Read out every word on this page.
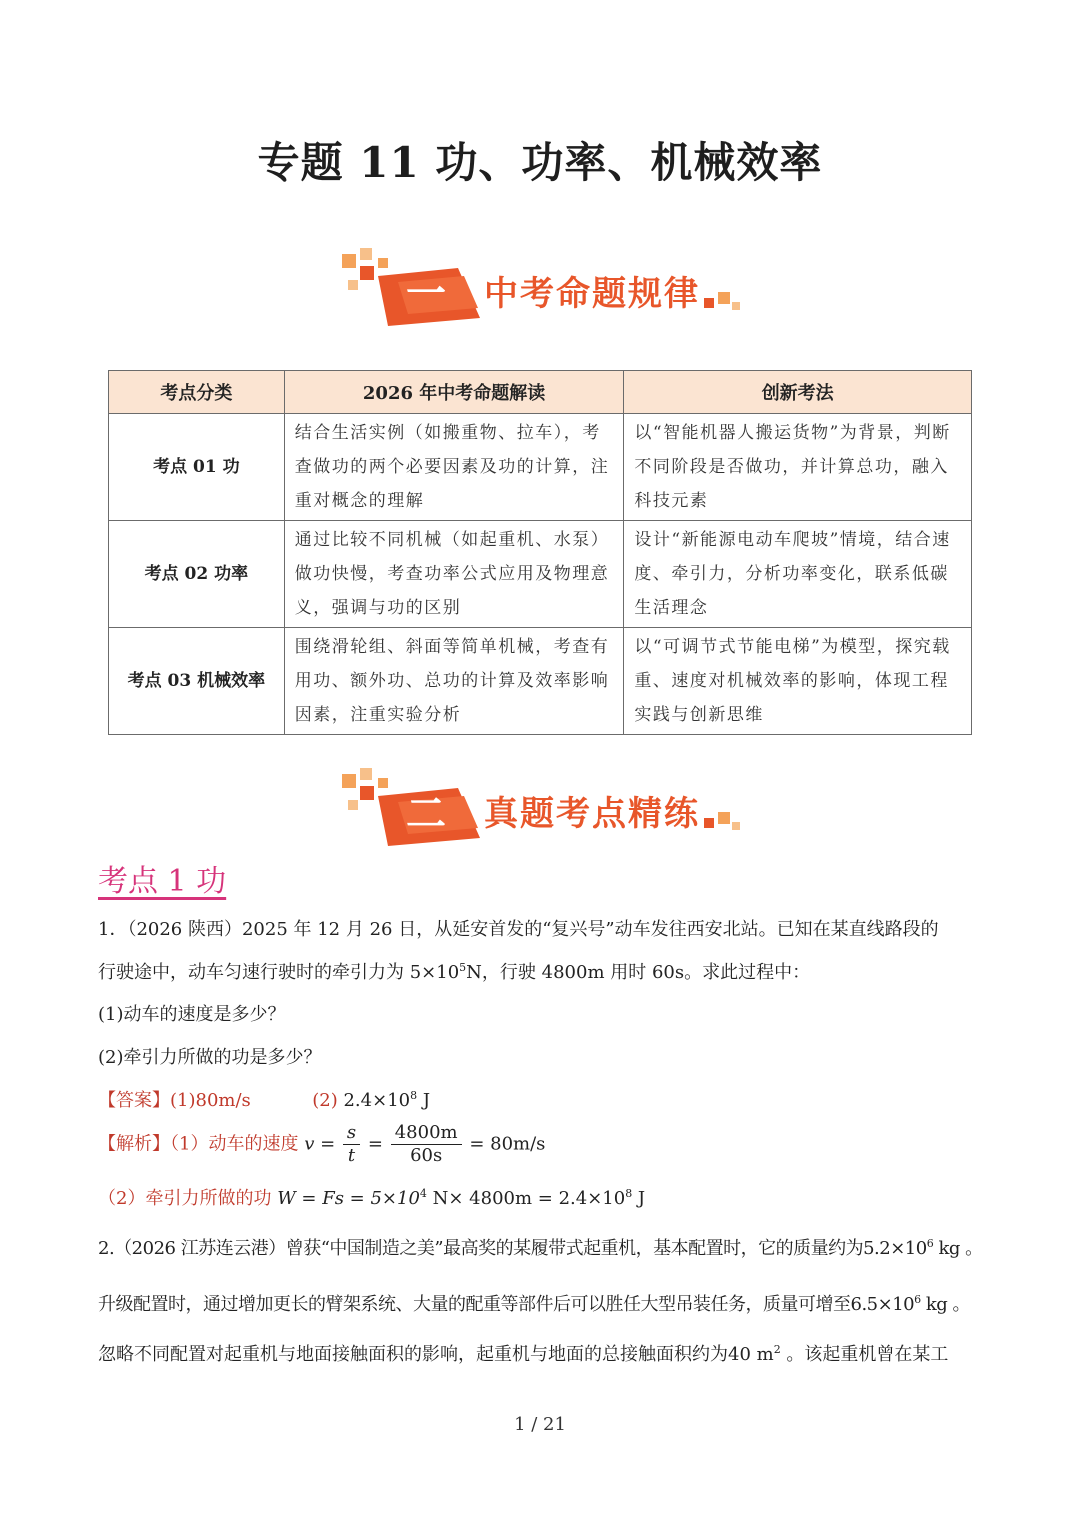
专题 11 功、功率、机械效率
一 中考命题规律
考点分类	2026 年中考命题解读	创新考法
考点 01 功	结合生活实例（如搬重物、拉车），考查做功的两个必要因素及功的计算，注重对概念的理解	以“智能机器人搬运货物”为背景，判断不同阶段是否做功，并计算总功，融入科技元素
考点 02 功率	通过比较不同机械（如起重机、水泵）做功快慢，考查功率公式应用及物理意义，强调与功的区别	设计“新能源电动车爬坡”情境，结合速度、牵引力，分析功率变化，联系低碳生活理念
考点 03 机械效率	围绕滑轮组、斜面等简单机械，考查有用功、额外功、总功的计算及效率影响因素，注重实验分析	以“可调节式节能电梯”为模型，探究载重、速度对机械效率的影响，体现工程实践与创新思维
二 真题考点精练
考点 1 功
1．（2026 陕西）2025 年 12 月 26 日，从延安首发的“复兴号”动车发往西安北站。已知在某直线路段的
行驶途中，动车匀速行驶时的牵引力为 $5\times 10^5N$，行驶 4800m 用时 60s。求此过程中：
(1)动车的速度是多少？
(2)牵引力所做的功是多少？
【答案】(1)80m/s	(2) $2.4\times 10^8$ J
【解析】（1）动车的速度 $v = \frac{s}{t} = \frac{4800m}{60s} = 80m/s$
（2）牵引力所做的功 $W = Fs = 5\times 10^4$ $N\times 4800m = 2.4\times 10^8$ J
2.（2026 江苏连云港）曾获“中国制造之美”最高奖的某履带式起重机，基本配置时，它的质量约为$5.2\times 10^6$ kg 。
升级配置时，通过增加更长的臂架系统、大量的配重等部件后可以胜任大型吊装任务，质量可增至$6.5\times 10^6$ kg 。
忽略不同配置对起重机与地面接触面积的影响，起重机与地面的总接触面积约为40 $m^2$ 。该起重机曾在某工
1 / 21
